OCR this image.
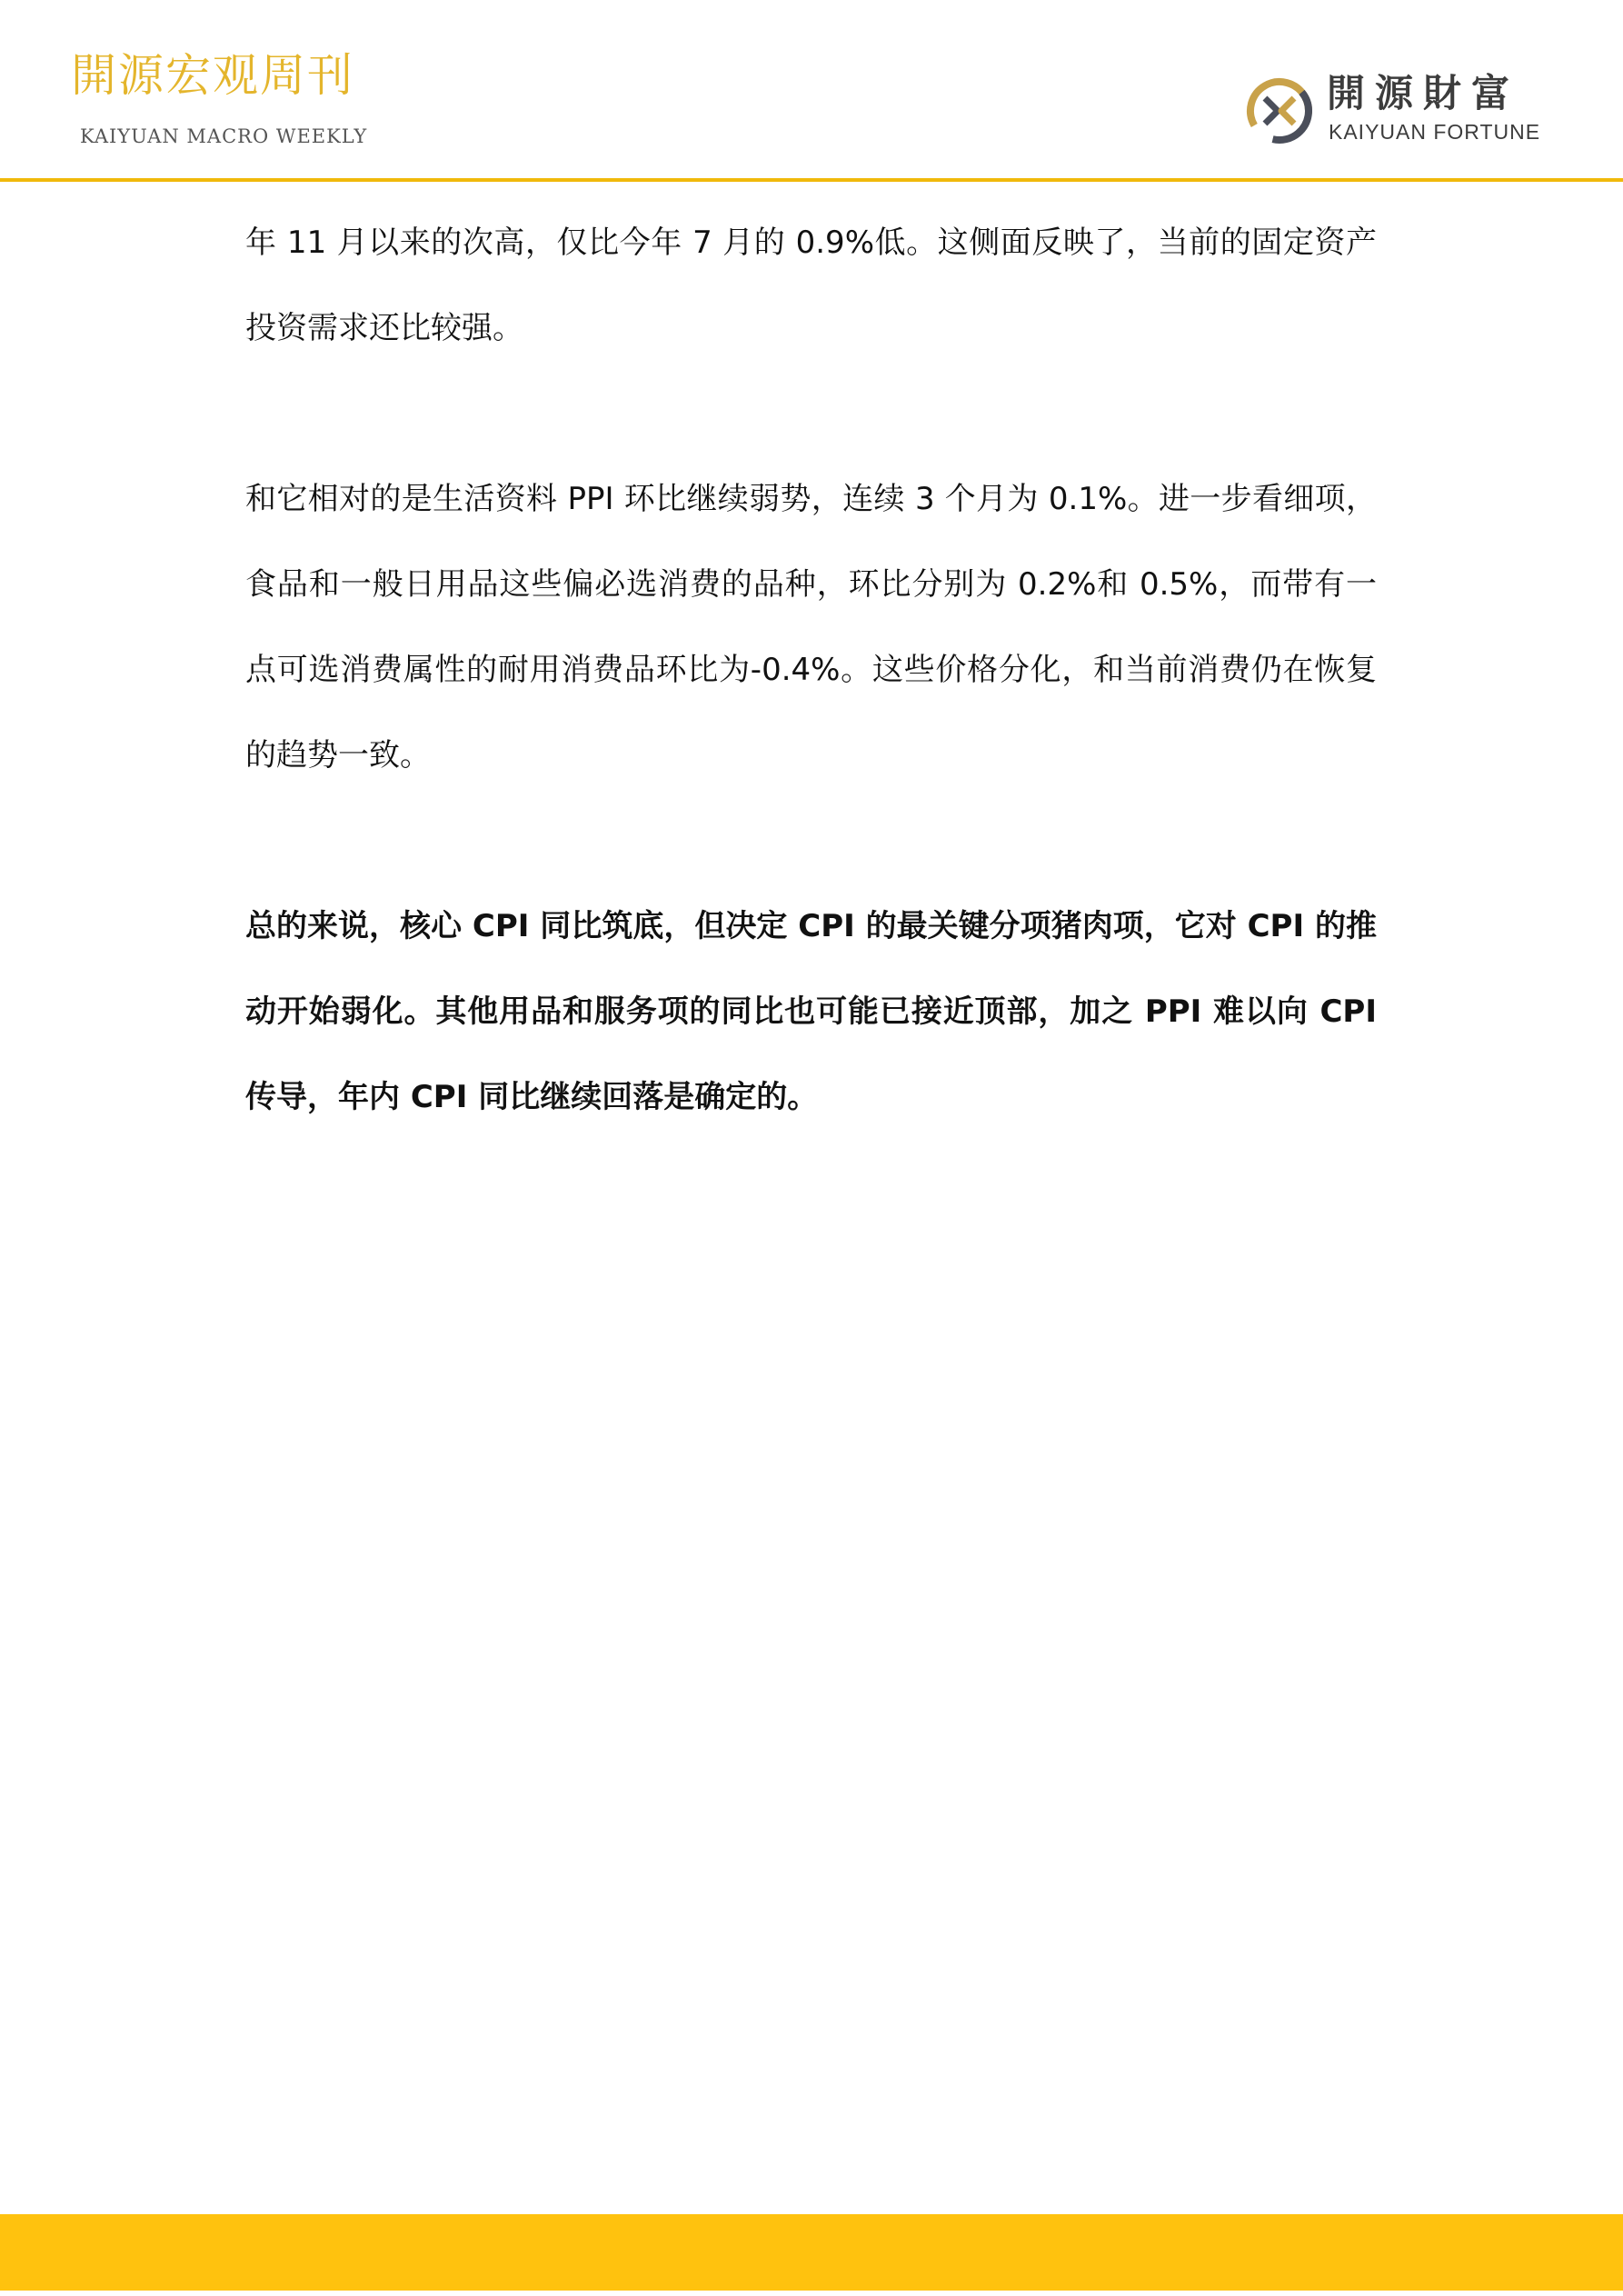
開源宏观周刊
KAIYUAN MACRO WEEKLY
開源財富
KAIYUAN FORTUNE

年 11 月以来的次高，仅比今年 7 月的 0.9%低。这侧面反映了，当前的固定资产投资需求还比较强。

和它相对的是生活资料 PPI 环比继续弱势，连续 3 个月为 0.1%。进一步看细项，食品和一般日用品这些偏必选消费的品种，环比分别为 0.2%和 0.5%，而带有一点可选消费属性的耐用消费品环比为-0.4%。这些价格分化，和当前消费仍在恢复的趋势一致。

总的来说，核心 CPI 同比筑底，但决定 CPI 的最关键分项猪肉项，它对 CPI 的推动开始弱化。其他用品和服务项的同比也可能已接近顶部，加之 PPI 难以向 CPI 传导，年内 CPI 同比继续回落是确定的。
